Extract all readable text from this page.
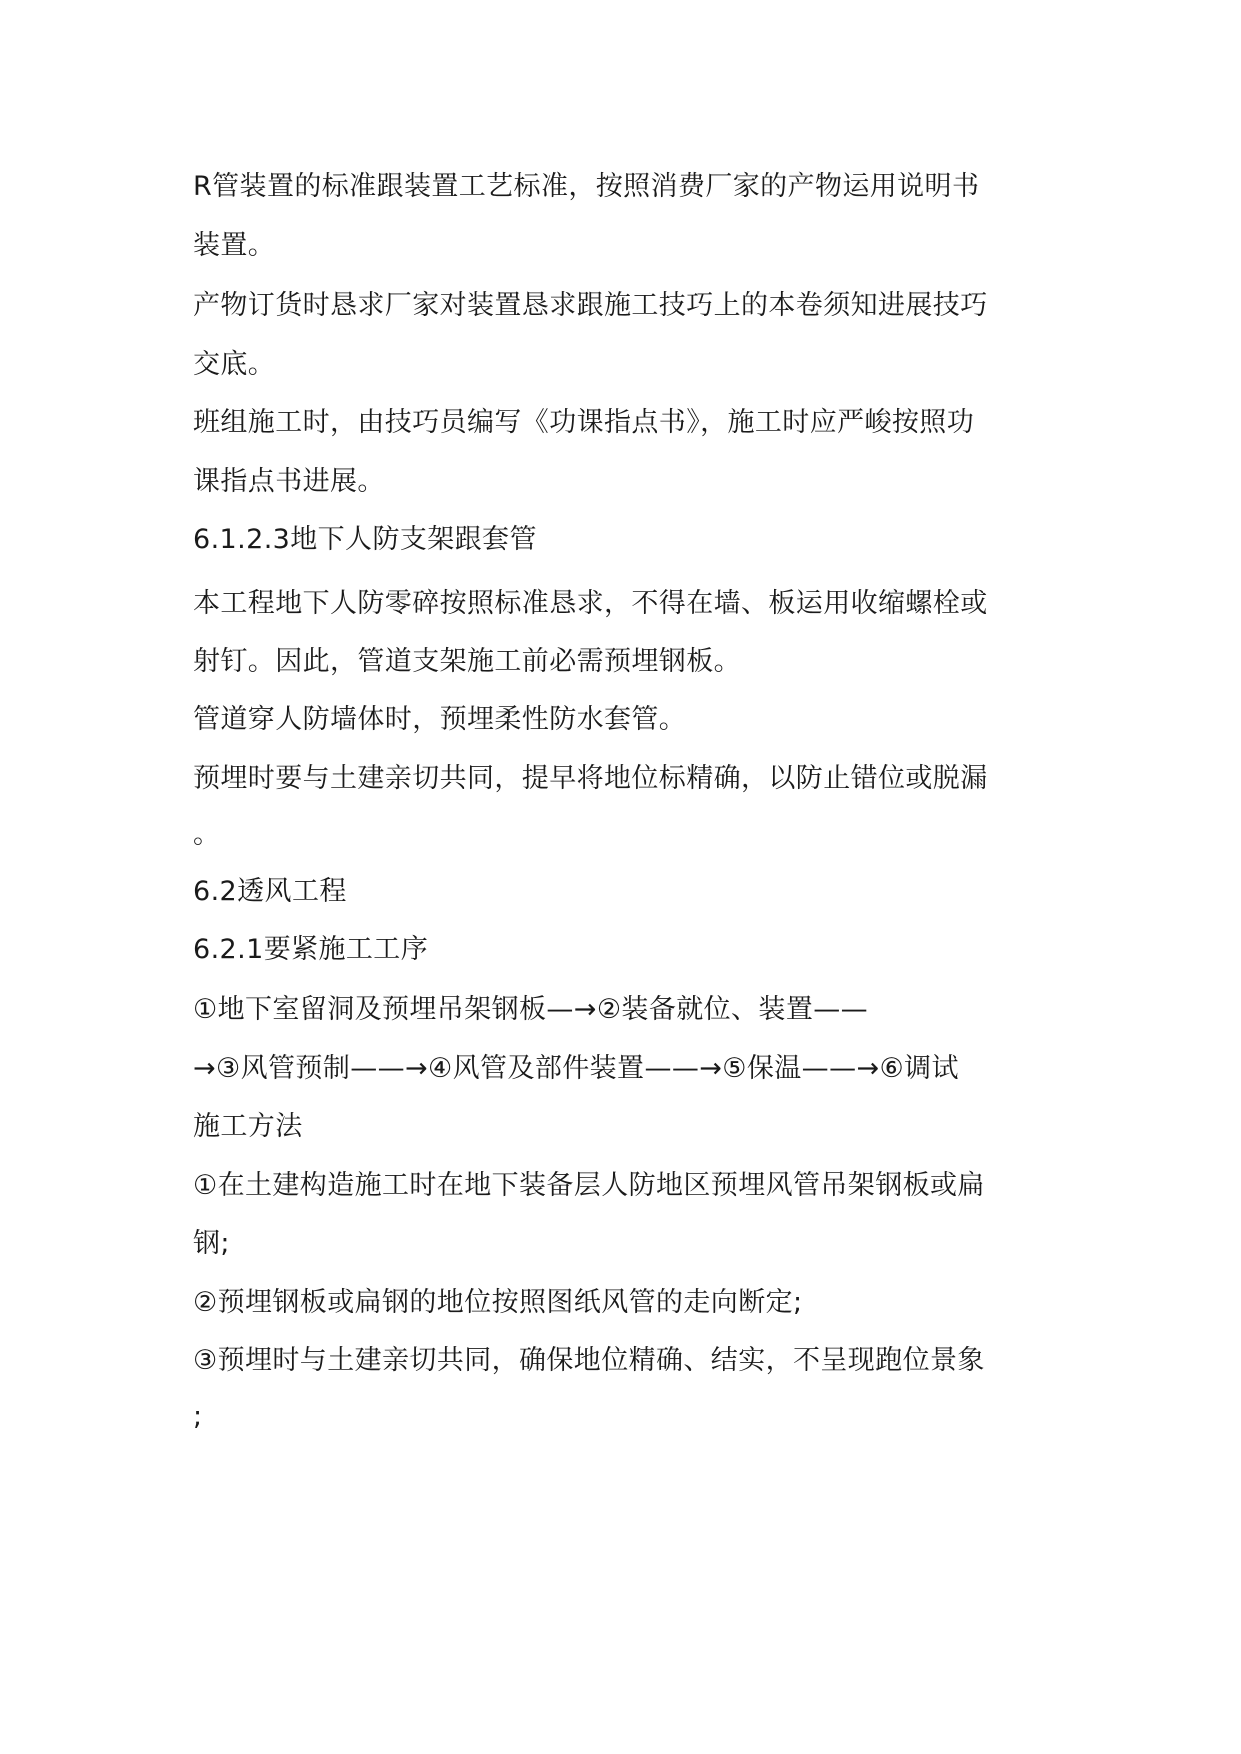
R管装置的标准跟装置工艺标准，按照消费厂家的产物运用说明书
装置。
产物订货时恳求厂家对装置恳求跟施工技巧上的本卷须知进展技巧
交底。
班组施工时，由技巧员编写《功课指点书》，施工时应严峻按照功
课指点书进展。
6.1.2.3地下人防支架跟套管
本工程地下人防零碎按照标准恳求，不得在墙、板运用收缩螺栓或
射钉。因此，管道支架施工前必需预埋钢板。
管道穿人防墙体时，预埋柔性防水套管。
预埋时要与土建亲切共同，提早将地位标精确，以防止错位或脱漏
。
6.2透风工程
6.2.1要紧施工工序
①地下室留洞及预埋吊架钢板—→②装备就位、装置——
→③风管预制——→④风管及部件装置——→⑤保温——→⑥调试
施工方法
①在土建构造施工时在地下装备层人防地区预埋风管吊架钢板或扁
钢;
②预埋钢板或扁钢的地位按照图纸风管的走向断定;
③预埋时与土建亲切共同，确保地位精确、结实，不呈现跑位景象
;
